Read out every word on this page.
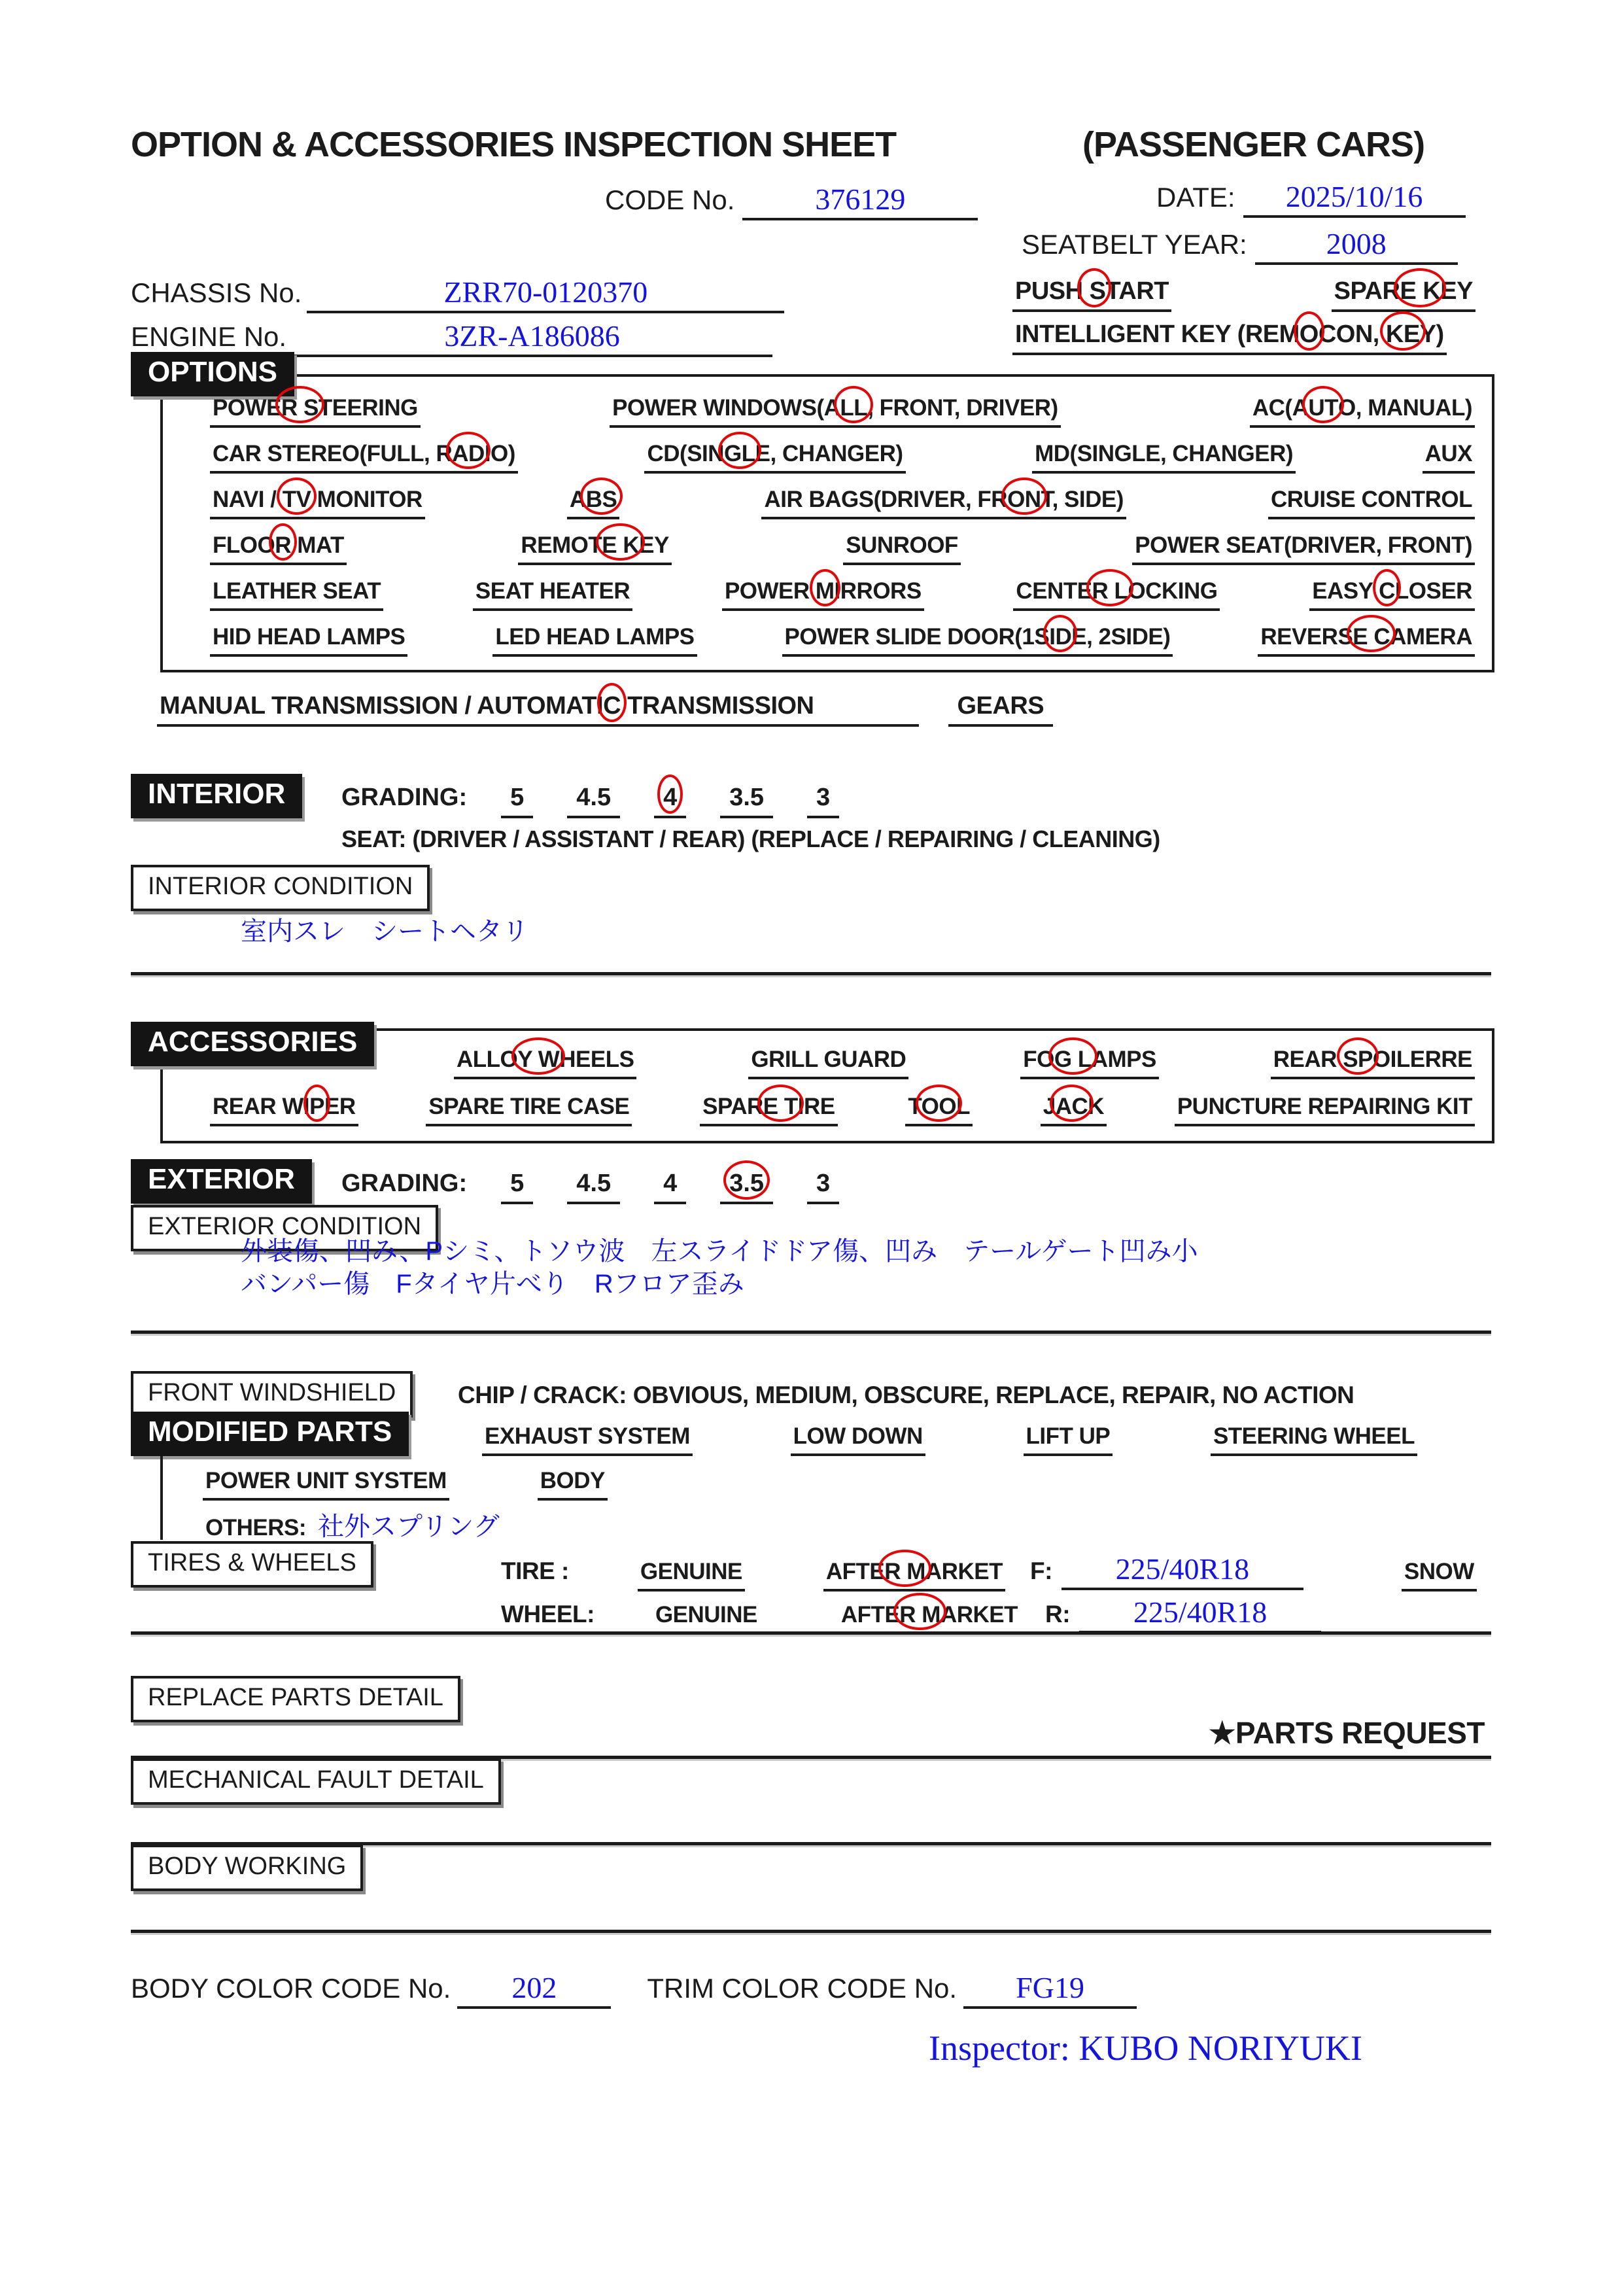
OPTION & ACCESSORIES INSPECTION SHEET	(PASSENGER CARS)
CODE No.	376129	DATE:	2025/10/16
SEATBELT YEAR:	2008
CHASSIS No.	ZRR70-0120370	PUSH START	SPARE KEY
ENGINE No.	3ZR-A186086	INTELLIGENT KEY (REMOCON, KEY)
OPTIONS
POWER STEERING	POWER WINDOWS(ALL, FRONT, DRIVER)	AC(AUTO, MANUAL)
CAR STEREO(FULL, RADIO)	CD(SINGLE, CHANGER)	MD(SINGLE, CHANGER)	AUX
NAVI / TV MONITOR	ABS	AIR BAGS(DRIVER, FRONT, SIDE)	CRUISE CONTROL
FLOOR MAT	REMOTE KEY	SUNROOF	POWER SEAT(DRIVER, FRONT)
LEATHER SEAT	SEAT HEATER	POWER MIRRORS	CENTER LOCKING	EASY CLOSER
HID HEAD LAMPS	LED HEAD LAMPS	POWER SLIDE DOOR(1SIDE, 2SIDE)	REVERSE CAMERA
MANUAL TRANSMISSION / AUTOMATIC TRANSMISSION	GEARS
INTERIOR	GRADING:	5	4.5	4	3.5	3
SEAT: (DRIVER / ASSISTANT / REAR) (REPLACE / REPAIRING / CLEANING)
INTERIOR CONDITION
室内スレ　シートヘタリ
ACCESSORIES
ALLOY WHEELS	GRILL GUARD	FOG LAMPS	REAR SPOILERRE
REAR WIPER	SPARE TIRE CASE	SPARE TIRE	TOOL	JACK	PUNCTURE REPAIRING KIT
EXTERIOR	GRADING:	5	4.5	4	3.5	3
EXTERIOR CONDITION
外装傷、凹み、Pシミ、トソウ波　左スライドドア傷、凹み　テールゲート凹み小
バンパー傷　Fタイヤ片べり　Rフロア歪み
FRONT WINDSHIELD	CHIP / CRACK: OBVIOUS, MEDIUM, OBSCURE, REPLACE, REPAIR, NO ACTION
MODIFIED PARTS	EXHAUST SYSTEM	LOW DOWN	LIFT UP	STEERING WHEEL
POWER UNIT SYSTEM	BODY
OTHERS: 社外スプリング
TIRES & WHEELS	TIRE :	GENUINE	AFTER MARKET F:	225/40R18	SNOW
WHEEL:	GENUINE	AFTER MARKET R:	225/40R18
REPLACE PARTS DETAIL
★PARTS REQUEST
MECHANICAL FAULT DETAIL
BODY WORKING
BODY COLOR CODE No.	202	TRIM COLOR CODE No.	FG19
Inspector: KUBO NORIYUKI
